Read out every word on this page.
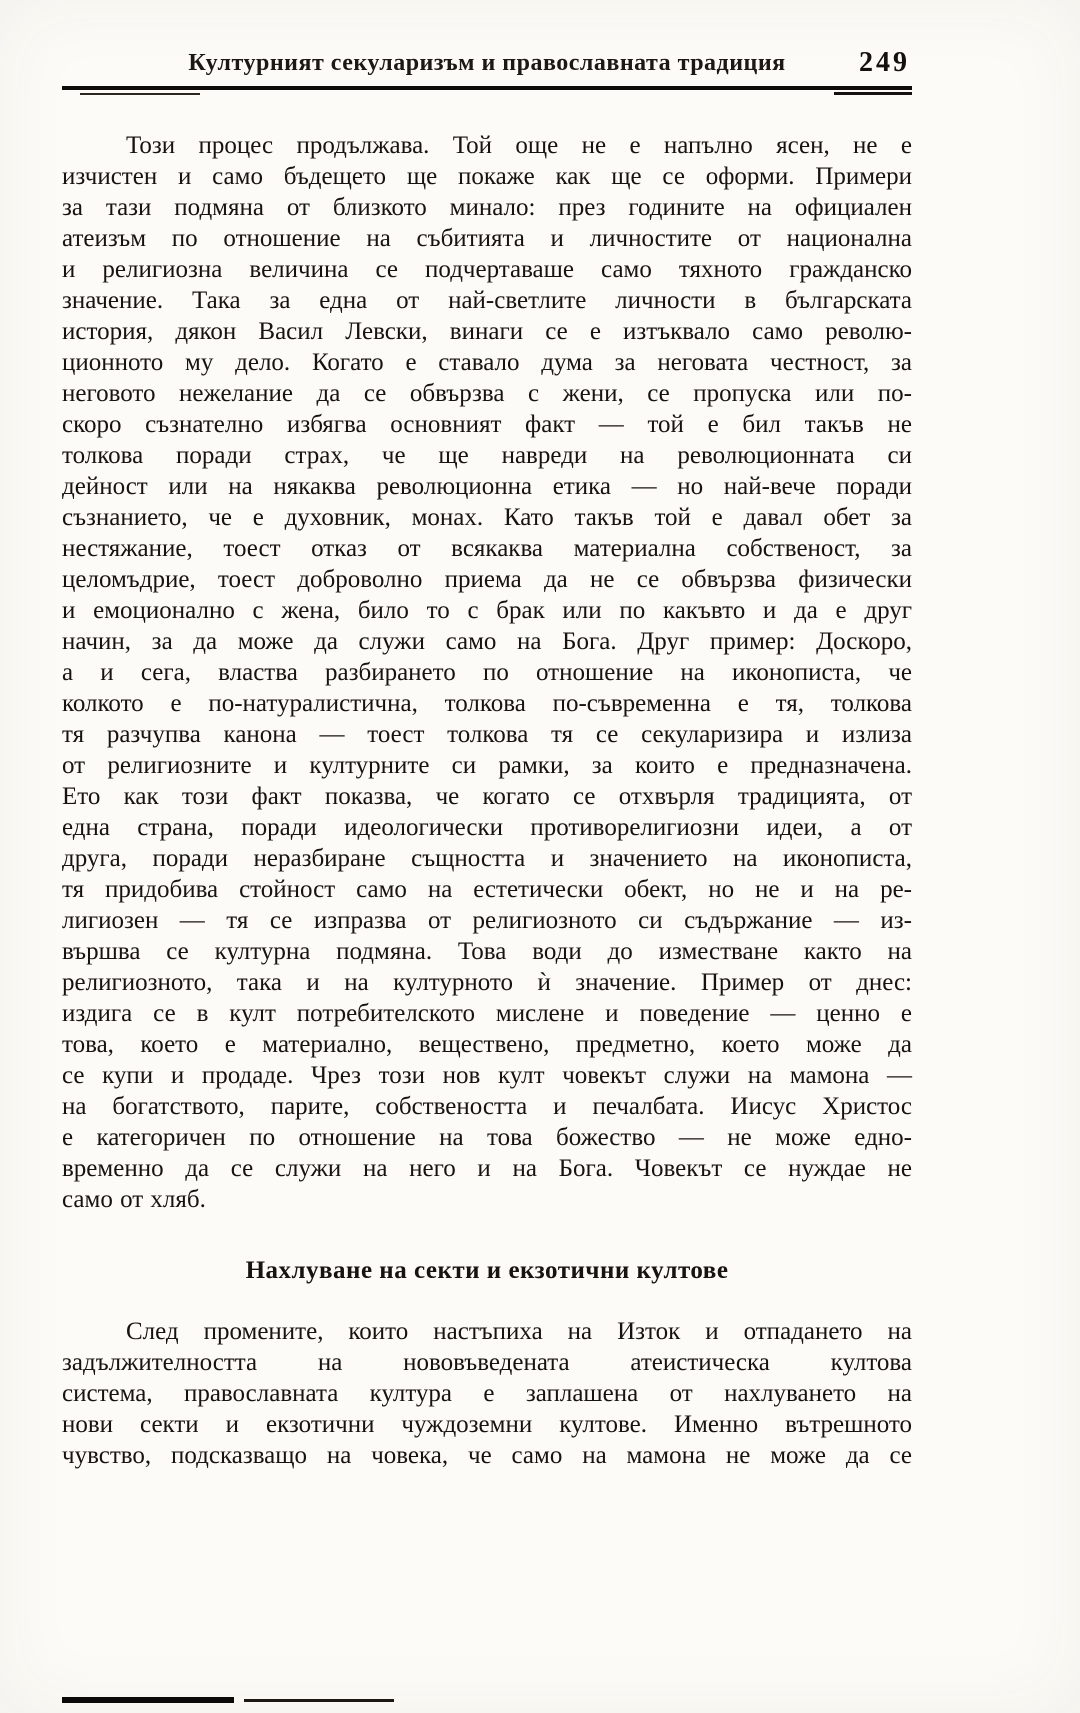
Културният секуларизъм и православната традиция	249
Този процес продължава. Той още не е напълно ясен, не е
изчистен и само бъдещето ще покаже как ще се оформи. Примери
за тази подмяна от близкото минало: през годините на официален
атеизъм по отношение на събитията и личностите от национална
и религиозна величина се подчертаваше само тяхното гражданско
значение. Така за една от най-светлите личности в българската
история, дякон Васил Левски, винаги се е изтъквало само револю-
ционното му дело. Когато е ставало дума за неговата честност, за
неговото нежелание да се обвързва с жени, се пропуска или по-
скоро съзнателно избягва основният факт — той е бил такъв не
толкова поради страх, че ще навреди на революционната си
дейност или на някаква революционна етика — но най-вече поради
съзнанието, че е духовник, монах. Като такъв той е давал обет за
нестяжание, тоест отказ от всякаква материална собственост, за
целомъдрие, тоест доброволно приема да не се обвързва физически
и емоционално с жена, било то с брак или по какъвто и да е друг
начин, за да може да служи само на Бога. Друг пример: Доскоро,
а и сега, властва разбирането по отношение на иконописта, че
колкото е по-натуралистична, толкова по-съвременна е тя, толкова
тя разчупва канона — тоест толкова тя се секуларизира и излиза
от религиозните и културните си рамки, за които е предназначена.
Ето как този факт показва, че когато се отхвърля традицията, от
една страна, поради идеологически противорелигиозни идеи, а от
друга, поради неразбиране същността и значението на иконописта,
тя придобива стойност само на естетически обект, но не и на ре-
лигиозен — тя се изпразва от религиозното си съдържание — из-
вършва се културна подмяна. Това води до изместване както на
религиозното, така и на културното ѝ значение. Пример от днес:
издига се в култ потребителското мислене и поведение — ценно е
това, което е материално, веществено, предметно, което може да
се купи и продаде. Чрез този нов култ човекът служи на мамона —
на богатството, парите, собствеността и печалбата. Иисус Христос
е категоричен по отношение на това божество — не може едно-
временно да се служи на него и на Бога. Човекът се нуждае не
само от хляб.
Нахлуване на секти и екзотични култове
След промените, които настъпиха на Изток и отпадането на
задължителността на нововъведената атеистическа култова
система, православната култура е заплашена от нахлуването на
нови секти и екзотични чуждоземни култове. Именно вътрешното
чувство, подсказващо на човека, че само на мамона не може да се
